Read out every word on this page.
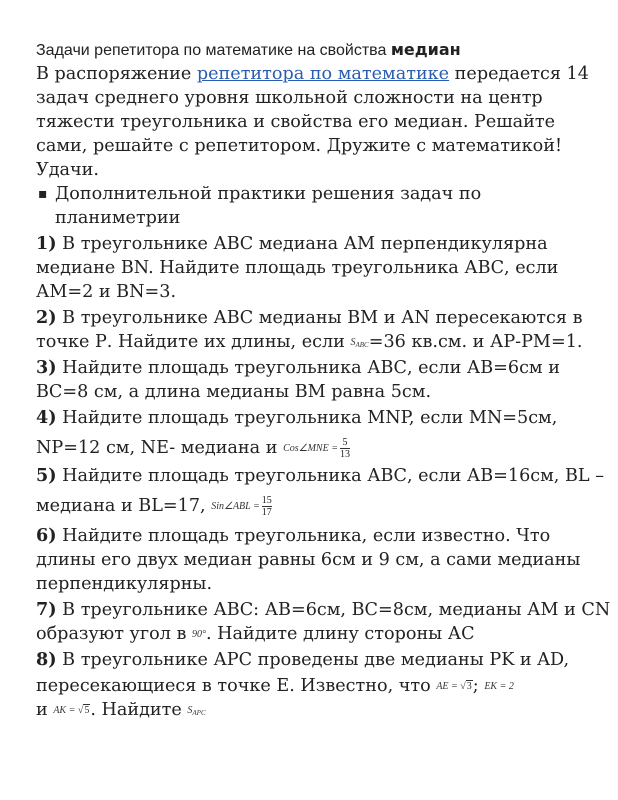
Задачи репетитора по математике на свойства медиан
В распоряжение репетитора по математике передается 14
задач среднего уровня школьной сложности на центр
тяжести треугольника и свойства его медиан. Решайте
сами, решайте с репетитором. Дружите с математикой!
Удачи.
▪ Дополнительной практики решения задач по
планиметрии
1) В треугольнике АВС медиана АМ перпендикулярна
медиане BN. Найдите площадь треугольника АВС, если
АМ=2 и BN=3.
2) В треугольнике АВС медианы ВМ и АN пересекаются в
точке Р. Найдите их длины, если $S_{ABC}=36$ кв.см. и АР-РМ=1.
3) Найдите площадь треугольника АВС, если АВ=6см и
ВС=8 см, а длина медианы ВМ равна 5см.
4) Найдите площадь треугольника MNP, если MN=5см,
NP=12 см, NE- медиана и Cos∠MNE = $\frac{5}{13}$
5) Найдите площадь треугольника АВС, если АВ=16см, BL –
медиана и BL=17, Sin∠ABL = $\frac{15}{17}$
6) Найдите площадь треугольника, если известно. Что
длины его двух медиан равны 6см и 9 см, а сами медианы
перпендикулярны.
7) В треугольнике АВС: АВ=6см, ВС=8см, медианы АМ и CN
образуют угол в 90°. Найдите длину стороны АС
8) В треугольнике АРС проведены две медианы PK и AD,
пересекающиеся в точке Е. Известно, что AE = √3; EK = 2
и AK = √5. Найдите $S_{APC}$
